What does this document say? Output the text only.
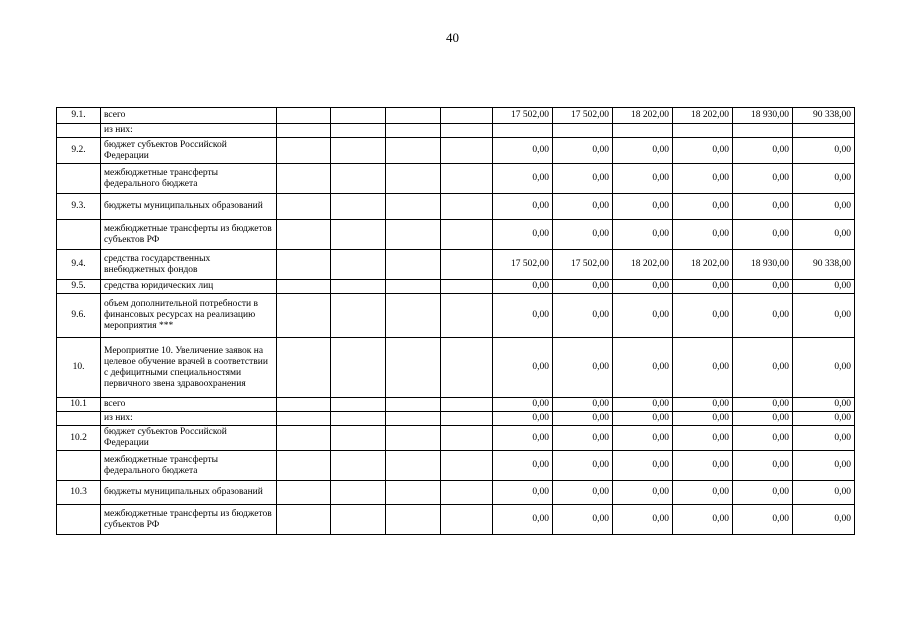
40
9.1.	всего					17 502,00	17 502,00	18 202,00	18 202,00	18 930,00	90 338,00
	из них:										
9.2.	бюджет субъектов Российской Федерации					0,00	0,00	0,00	0,00	0,00	0,00
	межбюджетные трансферты федерального бюджета					0,00	0,00	0,00	0,00	0,00	0,00
9.3.	бюджеты муниципальных образований					0,00	0,00	0,00	0,00	0,00	0,00
	межбюджетные трансферты из бюджетов субъектов РФ					0,00	0,00	0,00	0,00	0,00	0,00
9.4.	средства государственных внебюджетных фондов					17 502,00	17 502,00	18 202,00	18 202,00	18 930,00	90 338,00
9.5.	средства юридических лиц					0,00	0,00	0,00	0,00	0,00	0,00
9.6.	объем дополнительной потребности в финансовых ресурсах на реализацию мероприятия ***					0,00	0,00	0,00	0,00	0,00	0,00
10.	Мероприятие 10. Увеличение заявок на целевое обучение врачей в соответствии с дефицитными специальностями первичного звена здравоохранения					0,00	0,00	0,00	0,00	0,00	0,00
10.1	всего					0,00	0,00	0,00	0,00	0,00	0,00
	из них:					0,00	0,00	0,00	0,00	0,00	0,00
10.2	бюджет субъектов Российской Федерации					0,00	0,00	0,00	0,00	0,00	0,00
	межбюджетные трансферты федерального бюджета					0,00	0,00	0,00	0,00	0,00	0,00
10.3	бюджеты муниципальных образований					0,00	0,00	0,00	0,00	0,00	0,00
	межбюджетные трансферты из бюджетов субъектов РФ					0,00	0,00	0,00	0,00	0,00	0,00
